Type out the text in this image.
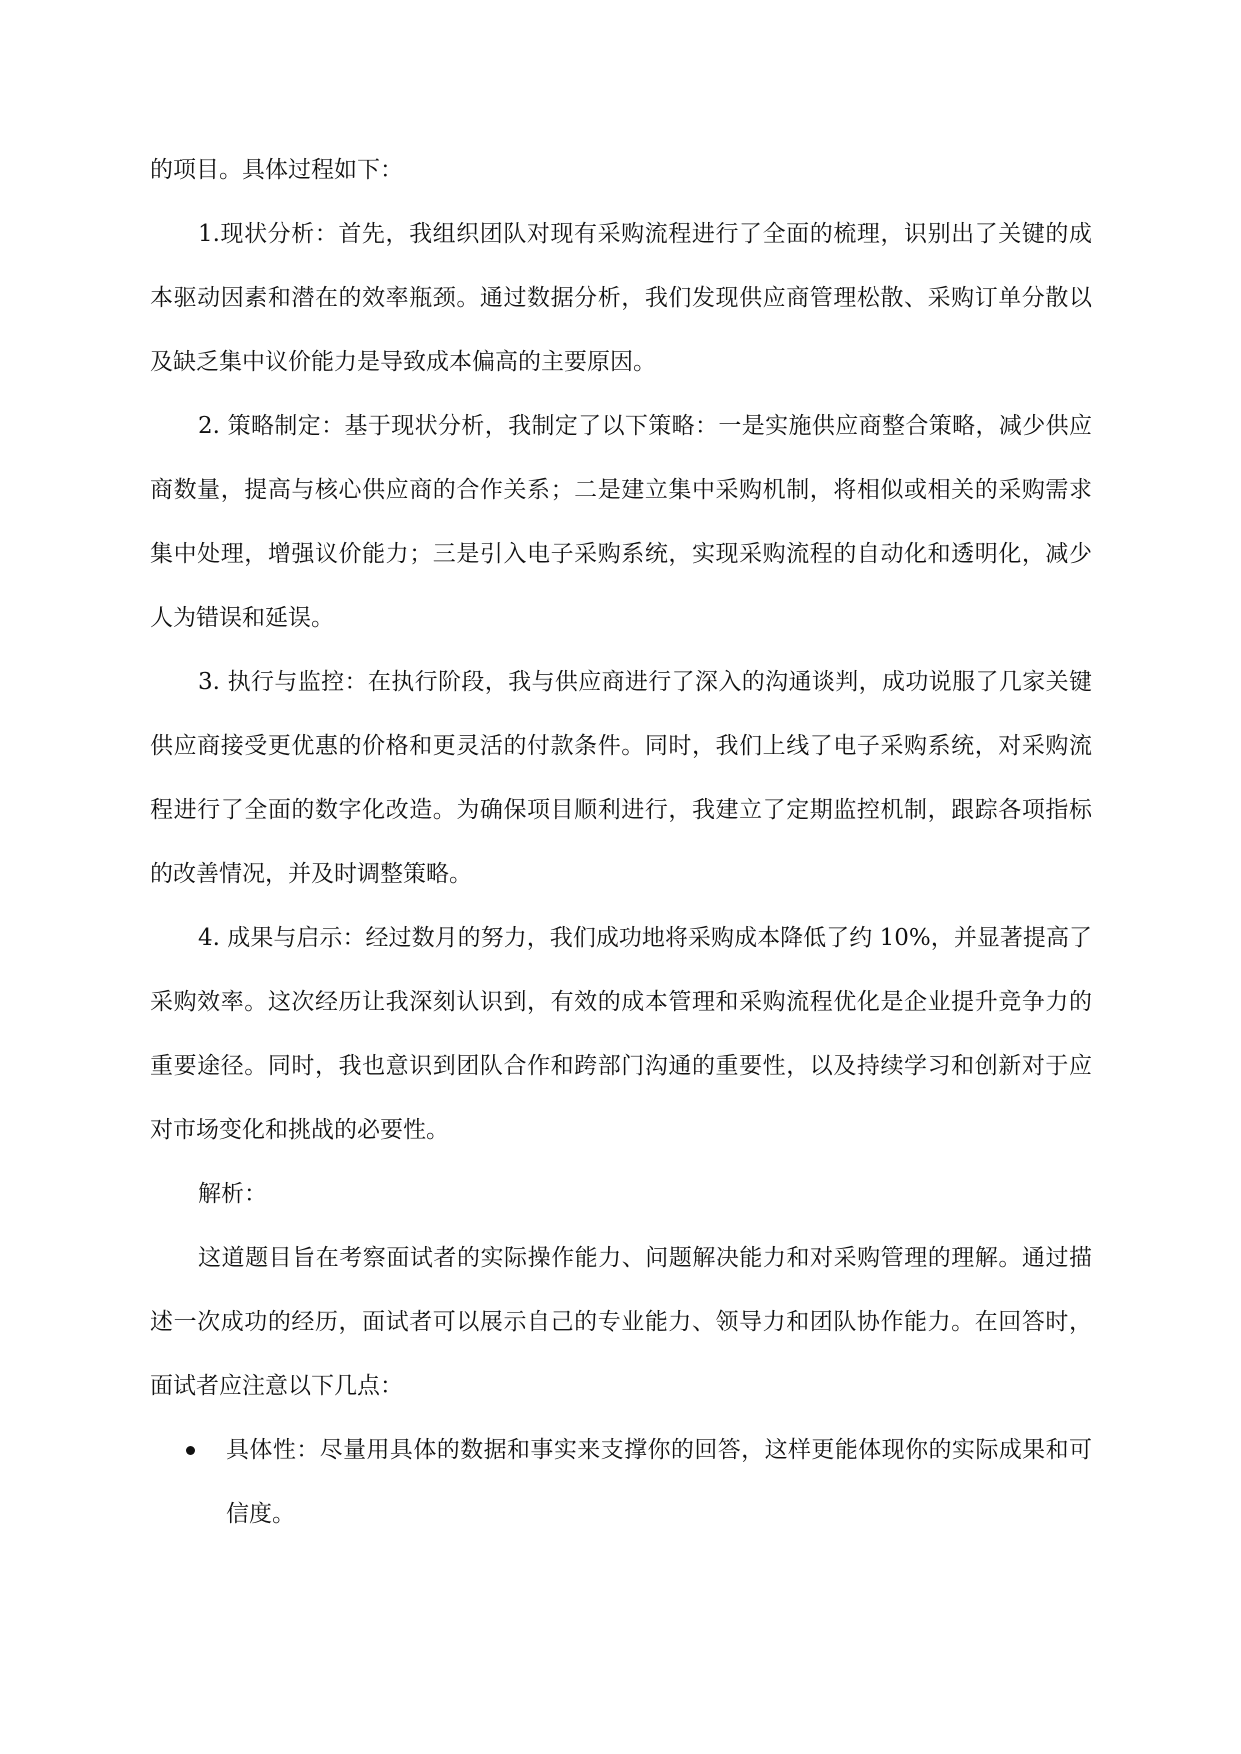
的项目。具体过程如下：

1.现状分析：首先，我组织团队对现有采购流程进行了全面的梳理，识别出了关键的成本驱动因素和潜在的效率瓶颈。通过数据分析，我们发现供应商管理松散、采购订单分散以及缺乏集中议价能力是导致成本偏高的主要原因。

2. 策略制定：基于现状分析，我制定了以下策略：一是实施供应商整合策略，减少供应商数量，提高与核心供应商的合作关系；二是建立集中采购机制，将相似或相关的采购需求集中处理，增强议价能力；三是引入电子采购系统，实现采购流程的自动化和透明化，减少人为错误和延误。

3. 执行与监控：在执行阶段，我与供应商进行了深入的沟通谈判，成功说服了几家关键供应商接受更优惠的价格和更灵活的付款条件。同时，我们上线了电子采购系统，对采购流程进行了全面的数字化改造。为确保项目顺利进行，我建立了定期监控机制，跟踪各项指标的改善情况，并及时调整策略。

4. 成果与启示：经过数月的努力，我们成功地将采购成本降低了约 10%，并显著提高了采购效率。这次经历让我深刻认识到，有效的成本管理和采购流程优化是企业提升竞争力的重要途径。同时，我也意识到团队合作和跨部门沟通的重要性，以及持续学习和创新对于应对市场变化和挑战的必要性。

解析：

这道题目旨在考察面试者的实际操作能力、问题解决能力和对采购管理的理解。通过描述一次成功的经历，面试者可以展示自己的专业能力、领导力和团队协作能力。在回答时，面试者应注意以下几点：

具体性：尽量用具体的数据和事实来支撑你的回答，这样更能体现你的实际成果和可信度。
